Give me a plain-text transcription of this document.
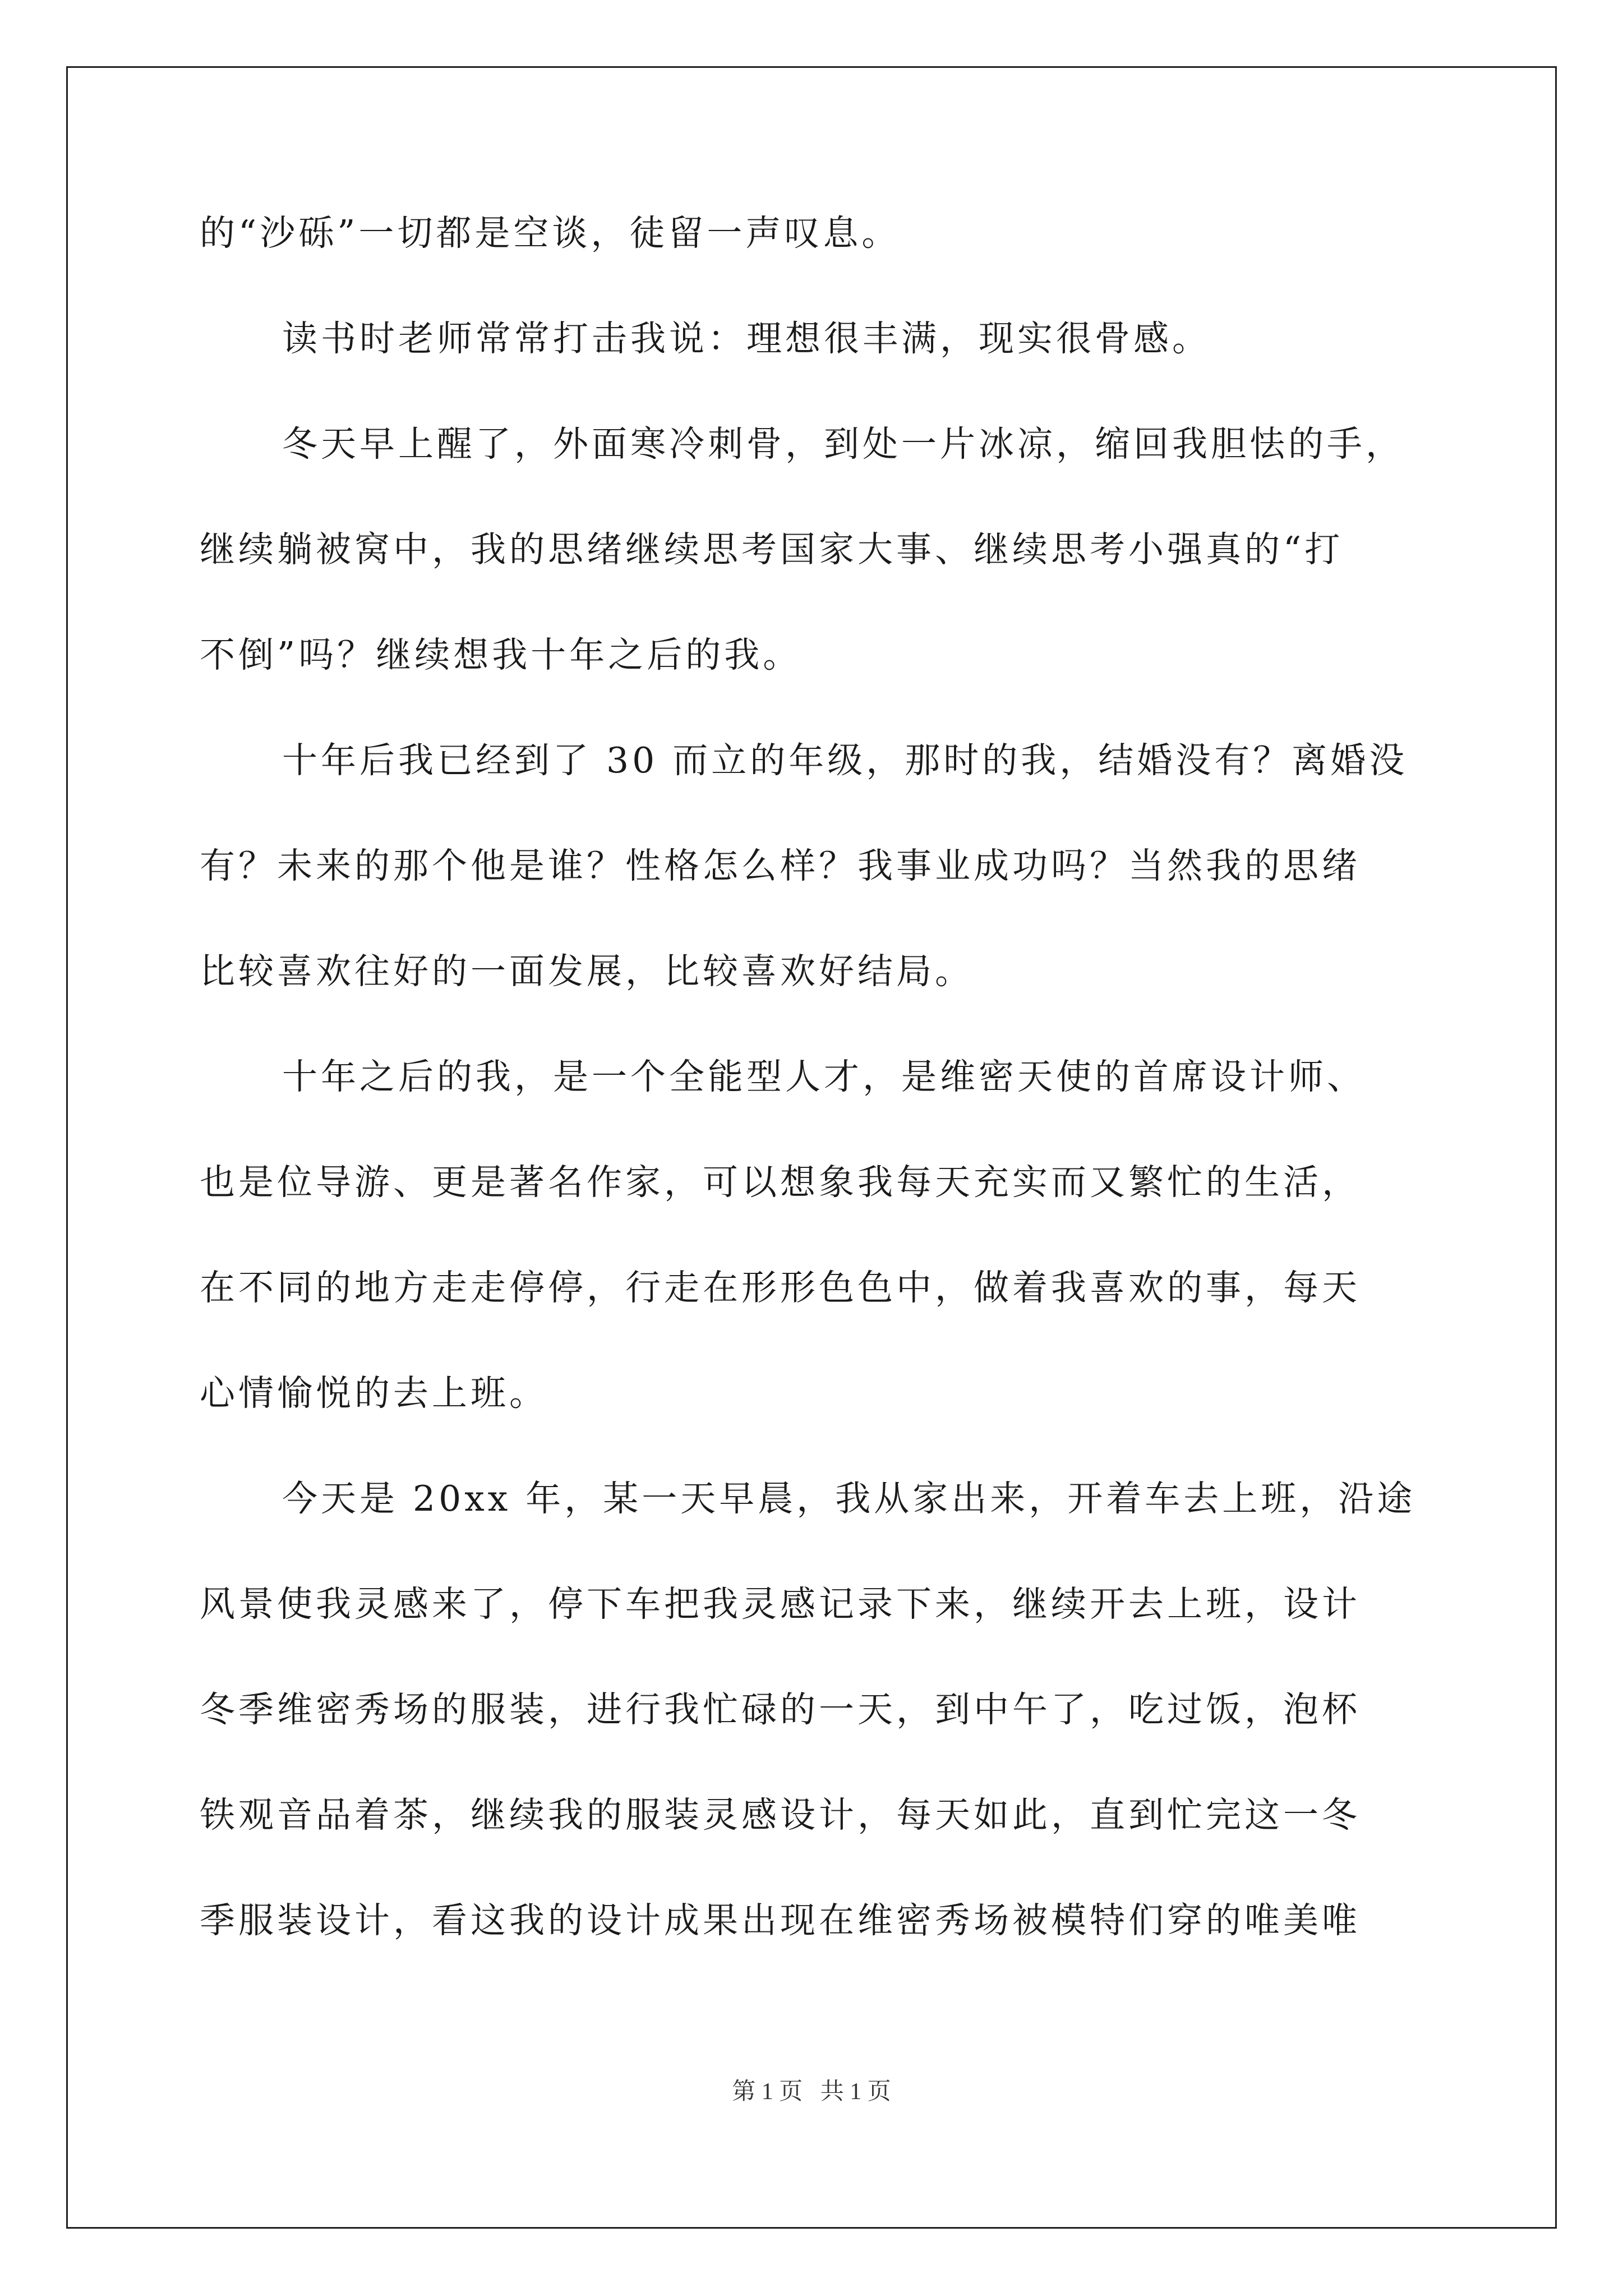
的“沙砾”一切都是空谈，徒留一声叹息。
读书时老师常常打击我说：理想很丰满，现实很骨感。
冬天早上醒了，外面寒冷刺骨，到处一片冰凉，缩回我胆怯的手，
继续躺被窝中，我的思绪继续思考国家大事、继续思考小强真的“打
不倒”吗？继续想我十年之后的我。
十年后我已经到了 30 而立的年级，那时的我，结婚没有？离婚没
有？未来的那个他是谁？性格怎么样？我事业成功吗？当然我的思绪
比较喜欢往好的一面发展，比较喜欢好结局。
十年之后的我，是一个全能型人才，是维密天使的首席设计师、
也是位导游、更是著名作家，可以想象我每天充实而又繁忙的生活，
在不同的地方走走停停，行走在形形色色中，做着我喜欢的事，每天
心情愉悦的去上班。
今天是 20xx 年，某一天早晨，我从家出来，开着车去上班，沿途
风景使我灵感来了，停下车把我灵感记录下来，继续开去上班，设计
冬季维密秀场的服装，进行我忙碌的一天，到中午了，吃过饭，泡杯
铁观音品着茶，继续我的服装灵感设计，每天如此，直到忙完这一冬
季服装设计，看这我的设计成果出现在维密秀场被模特们穿的唯美唯
第 1 页   共 1 页
